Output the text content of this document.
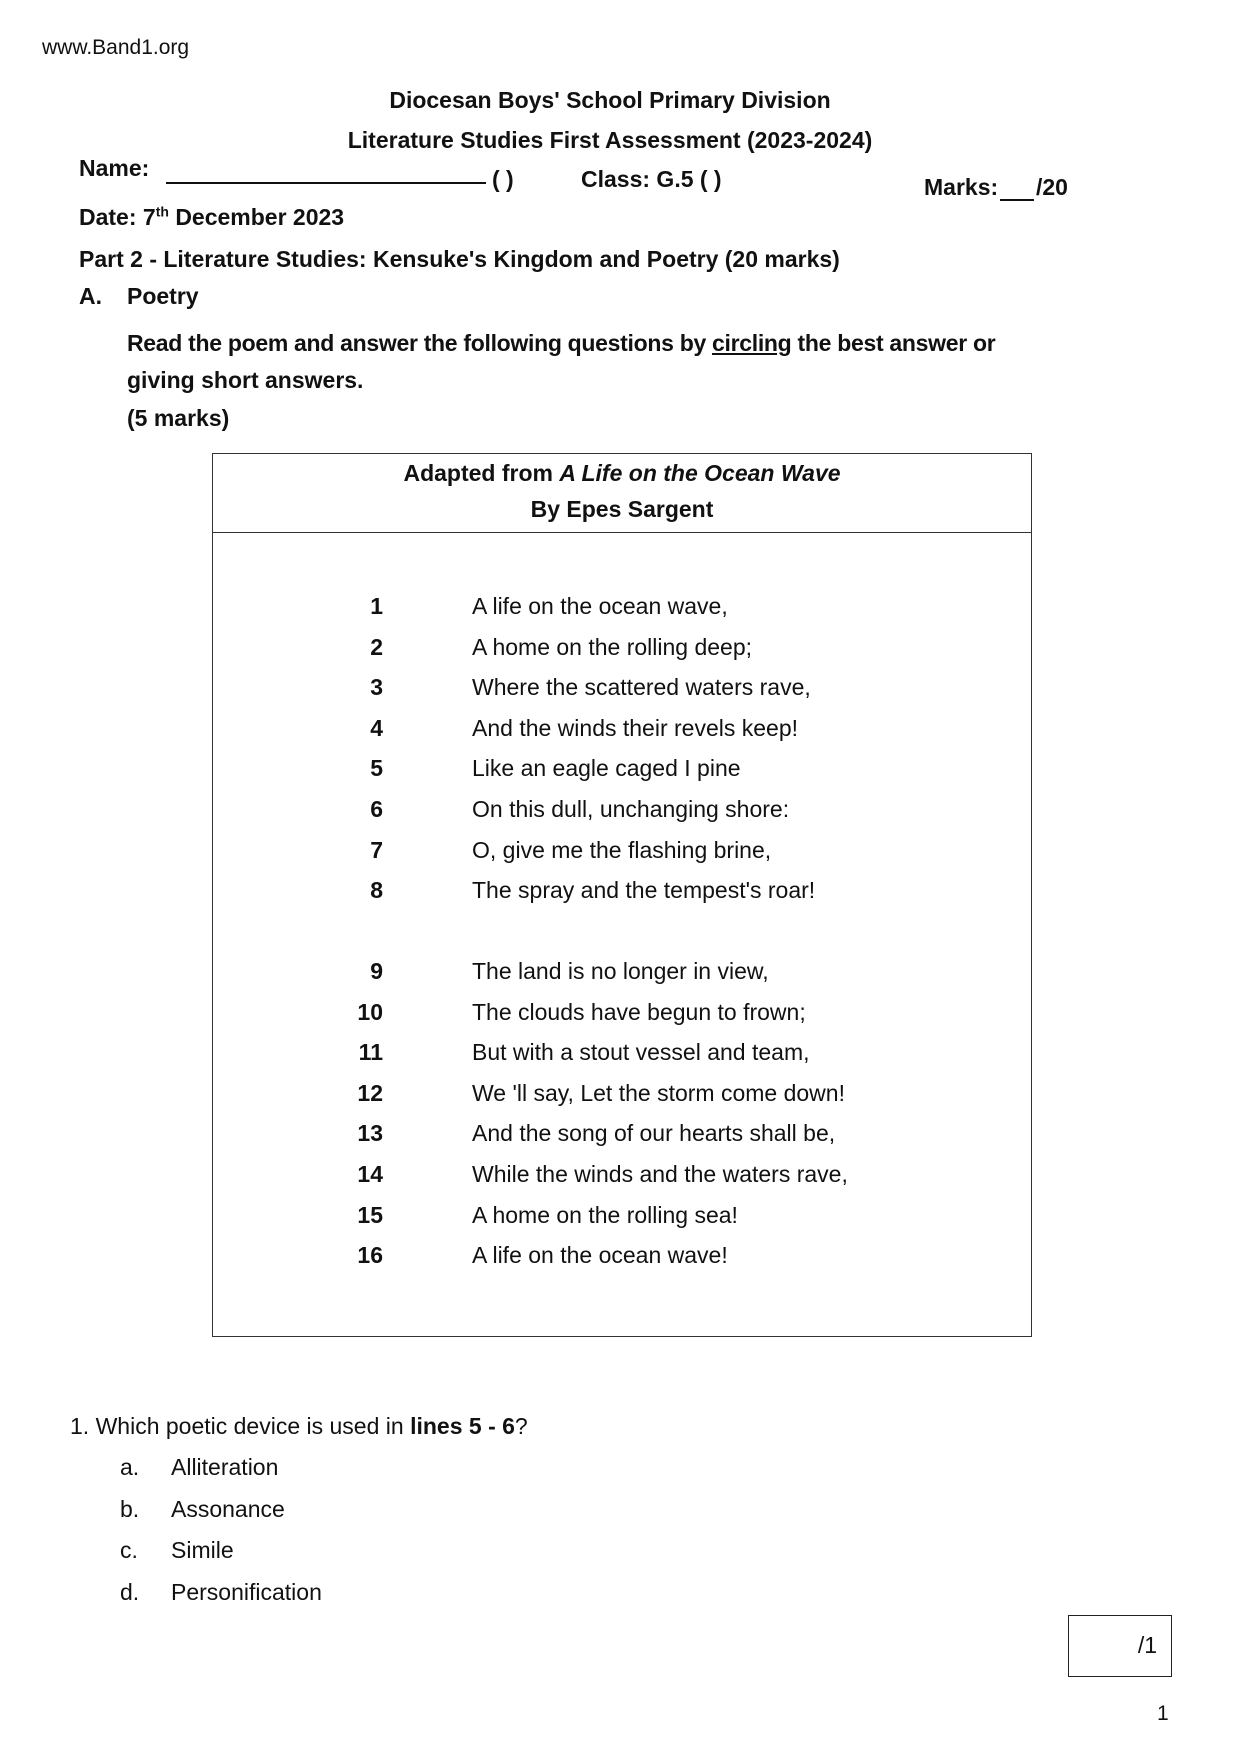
www.Band1.org
Diocesan Boys' School Primary Division
Literature Studies First Assessment (2023-2024)
Name:	( )	Class: G.5 ( )	Marks: /20
Date: 7th December 2023
Part 2 - Literature Studies: Kensuke's Kingdom and Poetry (20 marks)
A. Poetry
Read the poem and answer the following questions by circling the best answer or
giving short answers.
(5 marks)
Adapted from A Life on the Ocean Wave
By Epes Sargent
1	A life on the ocean wave,
2	A home on the rolling deep;
3	Where the scattered waters rave,
4	And the winds their revels keep!
5	Like an eagle caged I pine
6	On this dull, unchanging shore:
7	O, give me the flashing brine,
8	The spray and the tempest's roar!
9	The land is no longer in view,
10	The clouds have begun to frown;
11	But with a stout vessel and team,
12	We 'll say, Let the storm come down!
13	And the song of our hearts shall be,
14	While the winds and the waters rave,
15	A home on the rolling sea!
16	A life on the ocean wave!
1. Which poetic device is used in lines 5 - 6?
a. Alliteration
b. Assonance
c. Simile
d. Personification
/1
1
